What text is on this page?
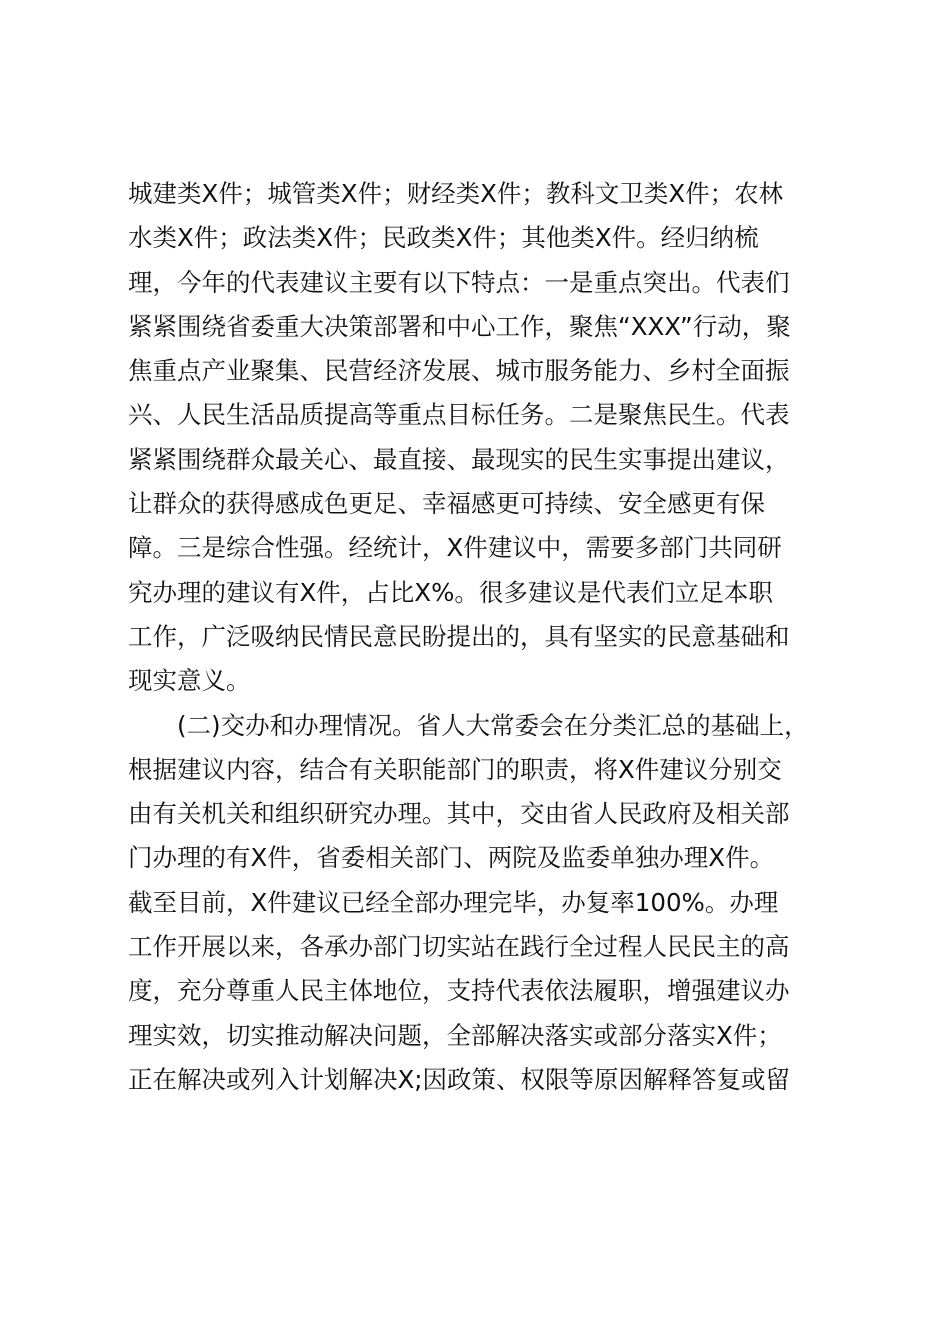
城建类X件；城管类X件；财经类X件；教科文卫类X件；农林
水类X件；政法类X件；民政类X件；其他类X件。经归纳梳
理，今年的代表建议主要有以下特点：一是重点突出。代表们
紧紧围绕省委重大决策部署和中心工作，聚焦“XXX”行动，聚
焦重点产业聚集、民营经济发展、城市服务能力、乡村全面振
兴、人民生活品质提高等重点目标任务。二是聚焦民生。代表
紧紧围绕群众最关心、最直接、最现实的民生实事提出建议，
让群众的获得感成色更足、幸福感更可持续、安全感更有保
障。三是综合性强。经统计，X件建议中，需要多部门共同研
究办理的建议有X件，占比X%。很多建议是代表们立足本职
工作，广泛吸纳民情民意民盼提出的，具有坚实的民意基础和
现实意义。
(二)交办和办理情况。省人大常委会在分类汇总的基础上，
根据建议内容，结合有关职能部门的职责，将X件建议分别交
由有关机关和组织研究办理。其中，交由省人民政府及相关部
门办理的有X件，省委相关部门、两院及监委单独办理X件。
截至目前，X件建议已经全部办理完毕，办复率100%。办理
工作开展以来，各承办部门切实站在践行全过程人民民主的高
度，充分尊重人民主体地位，支持代表依法履职，增强建议办
理实效，切实推动解决问题，全部解决落实或部分落实X件；
正在解决或列入计划解决X;因政策、权限等原因解释答复或留
